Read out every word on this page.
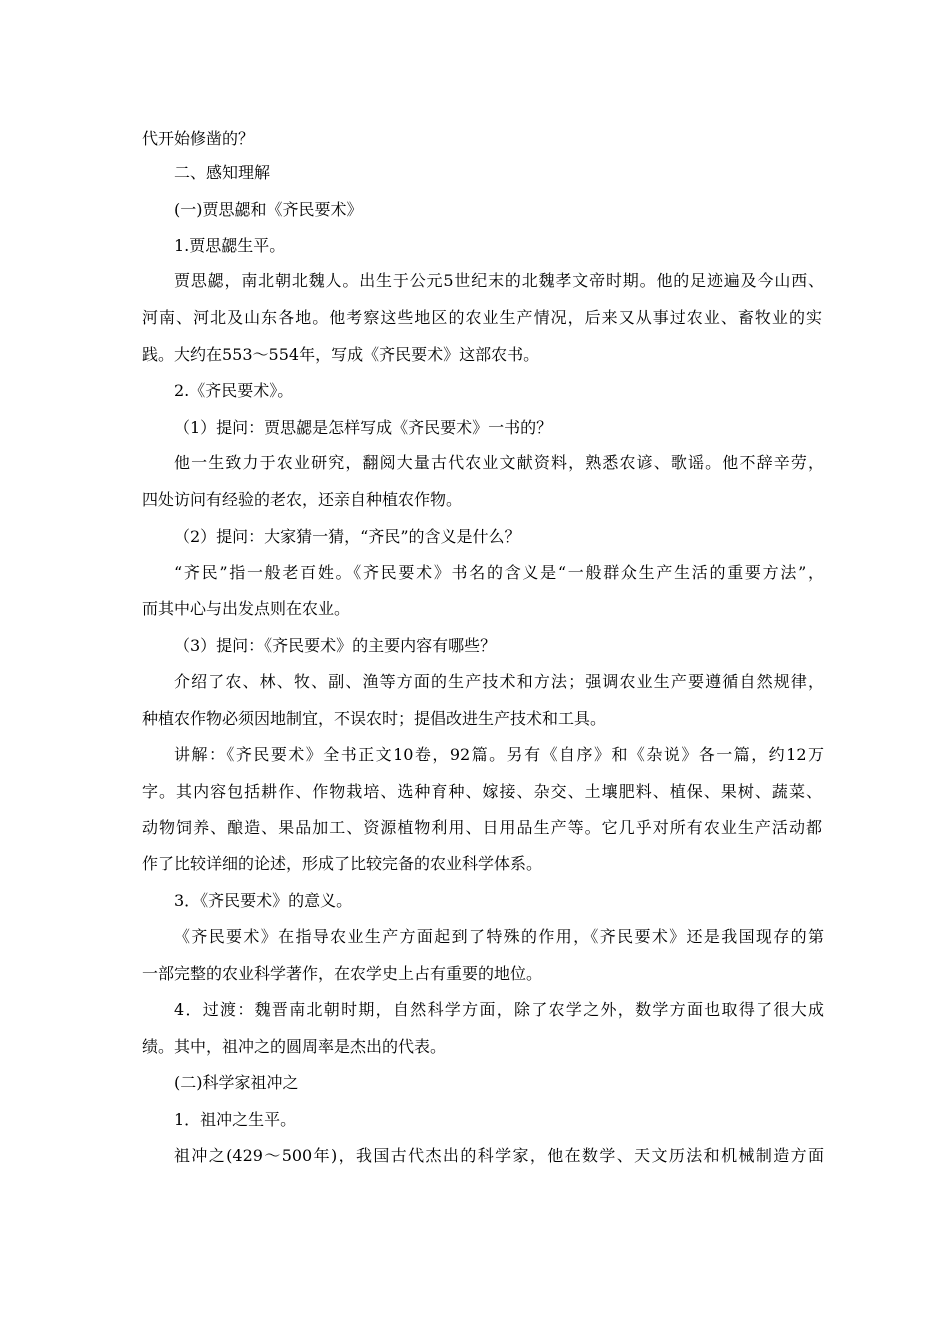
代开始修凿的？
二、感知理解
(一)贾思勰和《齐民要术》
1.贾思勰生平。
贾思勰，南北朝北魏人。出生于公元5世纪末的北魏孝文帝时期。他的足迹遍及今山西、
河南、河北及山东各地。他考察这些地区的农业生产情况，后来又从事过农业、畜牧业的实
践。大约在553～554年，写成《齐民要术》这部农书。
2.《齐民要术》。
（1）提问：贾思勰是怎样写成《齐民要术》一书的？
他一生致力于农业研究，翻阅大量古代农业文献资料，熟悉农谚、歌谣。他不辞辛劳，
四处访问有经验的老农，还亲自种植农作物。
（2）提问：大家猜一猜，“齐民”的含义是什么？
“齐民”指一般老百姓。《齐民要术》书名的含义是“一般群众生产生活的重要方法”，
而其中心与出发点则在农业。
（3）提问：《齐民要术》的主要内容有哪些？
介绍了农、林、牧、副、渔等方面的生产技术和方法；强调农业生产要遵循自然规律，
种植农作物必须因地制宜，不误农时；提倡改进生产技术和工具。
讲解：《齐民要术》全书正文10卷，92篇。另有《自序》和《杂说》各一篇，约12万
字。其内容包括耕作、作物栽培、选种育种、嫁接、杂交、土壤肥料、植保、果树、蔬菜、
动物饲养、酿造、果品加工、资源植物利用、日用品生产等。它几乎对所有农业生产活动都
作了比较详细的论述，形成了比较完备的农业科学体系。
3．《齐民要术》的意义。
《齐民要术》在指导农业生产方面起到了特殊的作用，《齐民要术》还是我国现存的第
一部完整的农业科学著作，在农学史上占有重要的地位。
4．过渡：魏晋南北朝时期，自然科学方面，除了农学之外，数学方面也取得了很大成
绩。其中，祖冲之的圆周率是杰出的代表。
(二)科学家祖冲之
1．祖冲之生平。
祖冲之(429～500年)，我国古代杰出的科学家，他在数学、天文历法和机械制造方面
